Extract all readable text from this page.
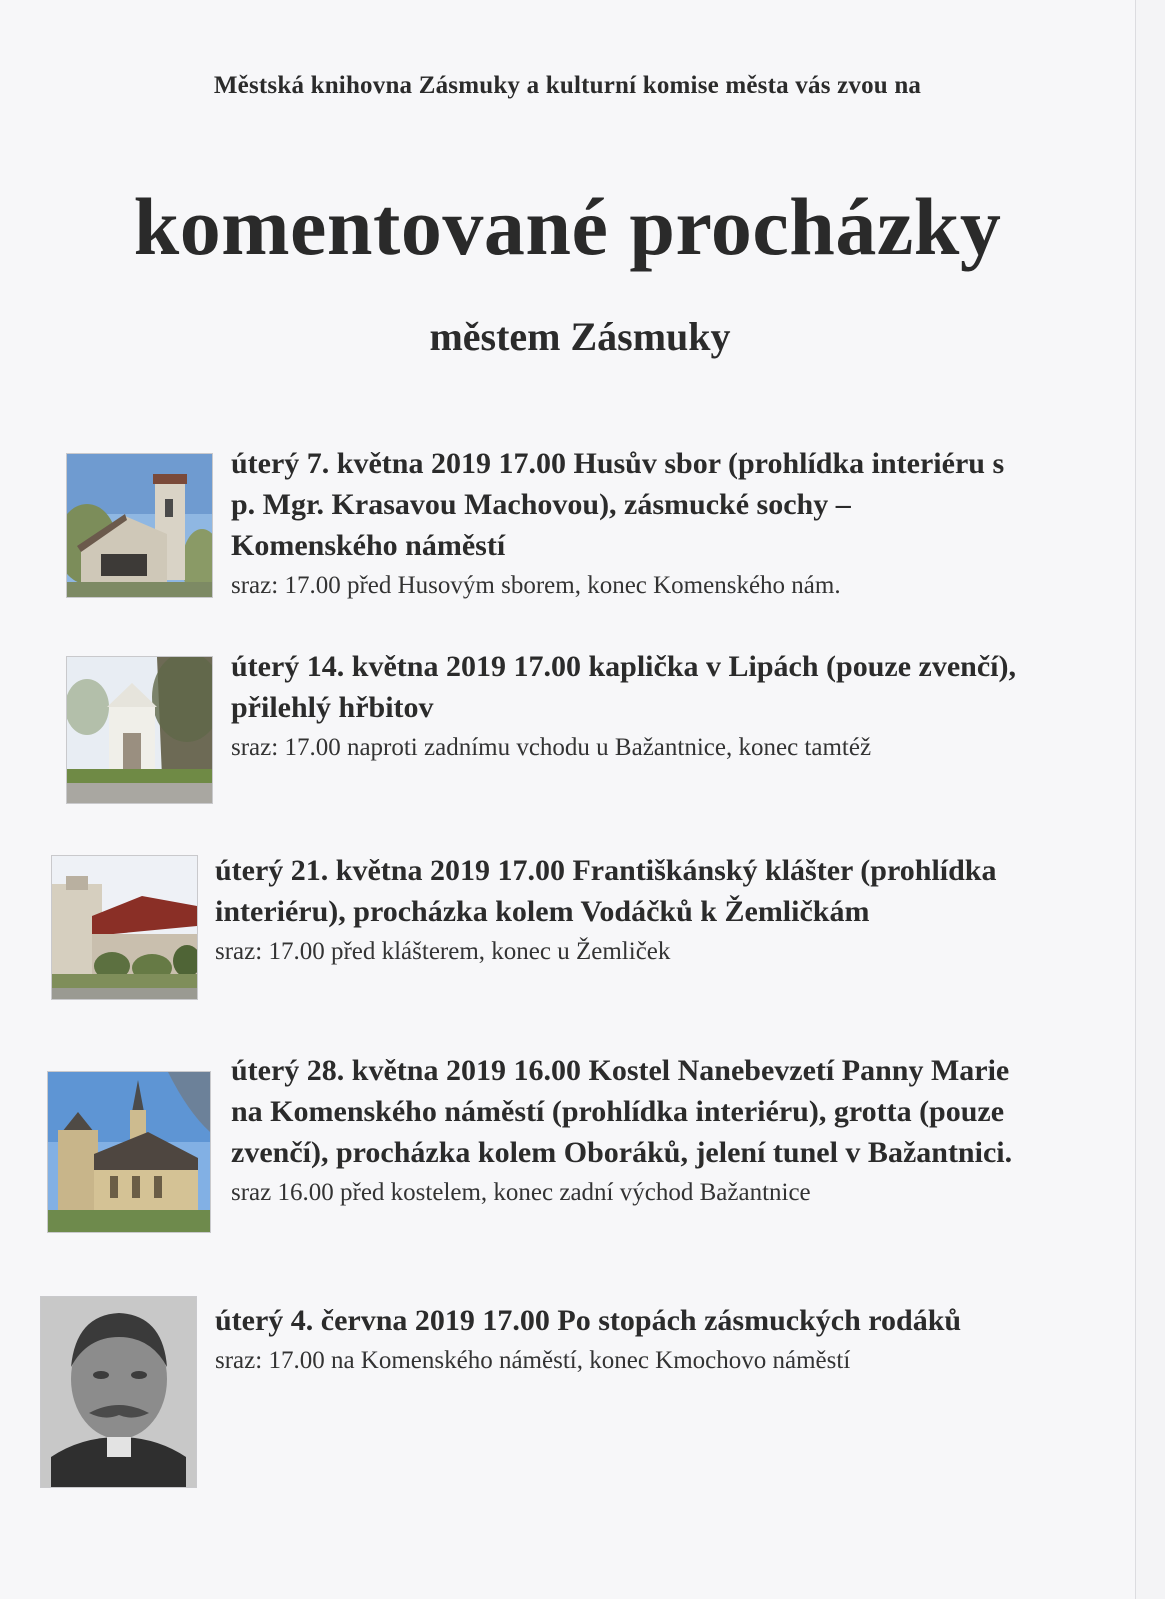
Městská knihovna Zásmuky a kulturní komise města vás zvou na
komentované procházky
městem Zásmuky

úterý 7. května 2019 17.00 Husův sbor (prohlídka interiéru s p. Mgr. Krasavou Machovou), zásmucké sochy – Komenského náměstí

sraz: 17.00 před Husovým sborem, konec Komenského nám.

úterý 14. května 2019 17.00 kaplička v Lipách (pouze zvenčí), přilehlý hřbitov

sraz: 17.00 naproti zadnímu vchodu u Bažantnice, konec tamtéž

úterý 21. května 2019 17.00 Františkánský klášter (prohlídka interiéru), procházka kolem Vodáčků k Žemličkám

sraz: 17.00 před klášterem, konec u Žemliček

úterý 28. května 2019 16.00 Kostel Nanebevzetí Panny Marie na Komenského náměstí (prohlídka interiéru), grotta (pouze zvenčí), procházka kolem Oboráků, jelení tunel v Bažantnici.

sraz 16.00 před kostelem, konec zadní východ Bažantnice

úterý 4. června 2019 17.00 Po stopách zásmuckých rodáků

sraz: 17.00 na Komenského náměstí, konec Kmochovo náměstí
